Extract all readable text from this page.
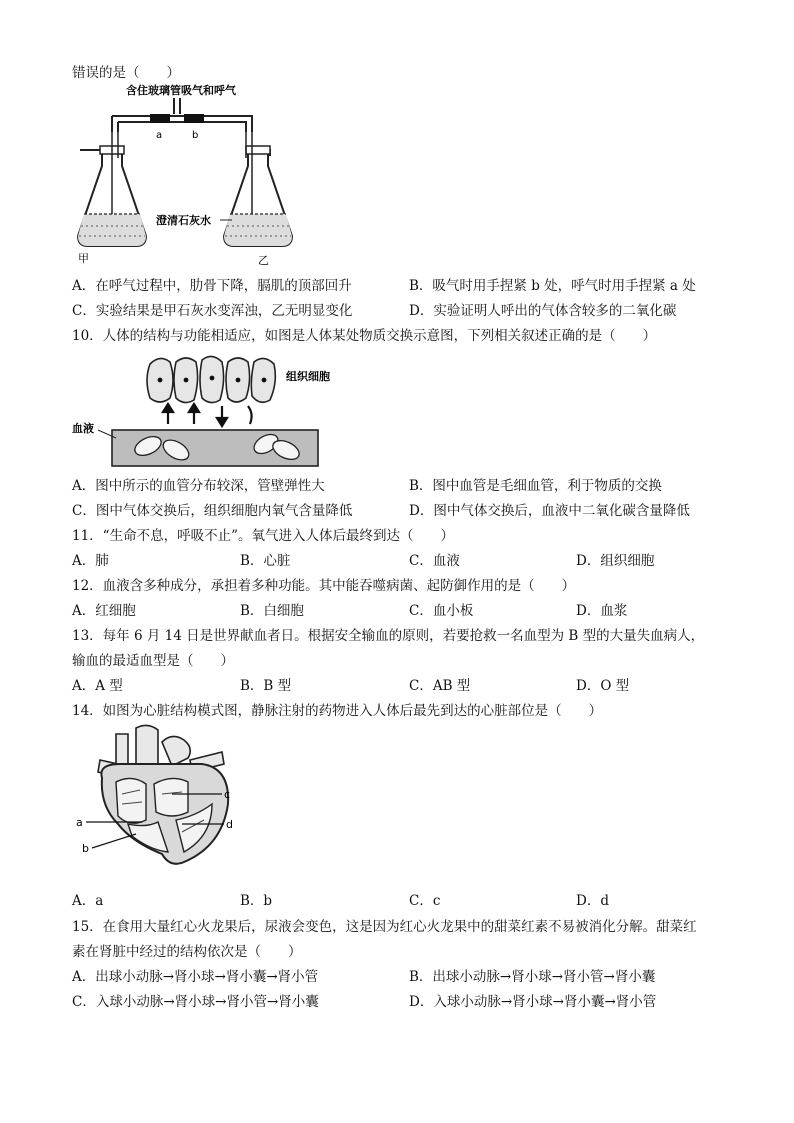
错误的是（　　）
a	b
含住玻璃管吸气和呼气
澄清石灰水
甲	乙
A．在呼气过程中，肋骨下降，膈肌的顶部回升	B．吸气时用手捏紧 b 处，呼气时用手捏紧 a 处
C．实验结果是甲石灰水变浑浊，乙无明显变化	D．实验证明人呼出的气体含较多的二氧化碳
10．人体的结构与功能相适应，如图是人体某处物质交换示意图，下列相关叙述正确的是（　　）
组织细胞
血液
A．图中所示的血管分布较深，管壁弹性大	B．图中血管是毛细血管，利于物质的交换
C．图中气体交换后，组织细胞内氧气含量降低	D．图中气体交换后，血液中二氧化碳含量降低
11．“生命不息，呼吸不止”。氧气进入人体后最终到达（　　）
A．肺	B．心脏	C．血液	D．组织细胞
12．血液含多种成分，承担着多种功能。其中能吞噬病菌、起防御作用的是（　　）
A．红细胞	B．白细胞	C．血小板	D．血浆
13．每年 6 月 14 日是世界献血者日。根据安全输血的原则，若要抢救一名血型为 B 型的大量失血病人，
输血的最适血型是（　　）
A．A 型	B．B 型	C．AB 型	D．O 型
14．如图为心脏结构模式图，静脉注射的药物进入人体后最先到达的心脏部位是（　　）
a
b
c
d
A．a	B．b	C．c	D．d
15．在食用大量红心火龙果后，尿液会变色，这是因为红心火龙果中的甜菜红素不易被消化分解。甜菜红
素在肾脏中经过的结构依次是（　　）
A．出球小动脉→肾小球→肾小囊→肾小管	B．出球小动脉→肾小球→肾小管→肾小囊
C．入球小动脉→肾小球→肾小管→肾小囊	D．入球小动脉→肾小球→肾小囊→肾小管
